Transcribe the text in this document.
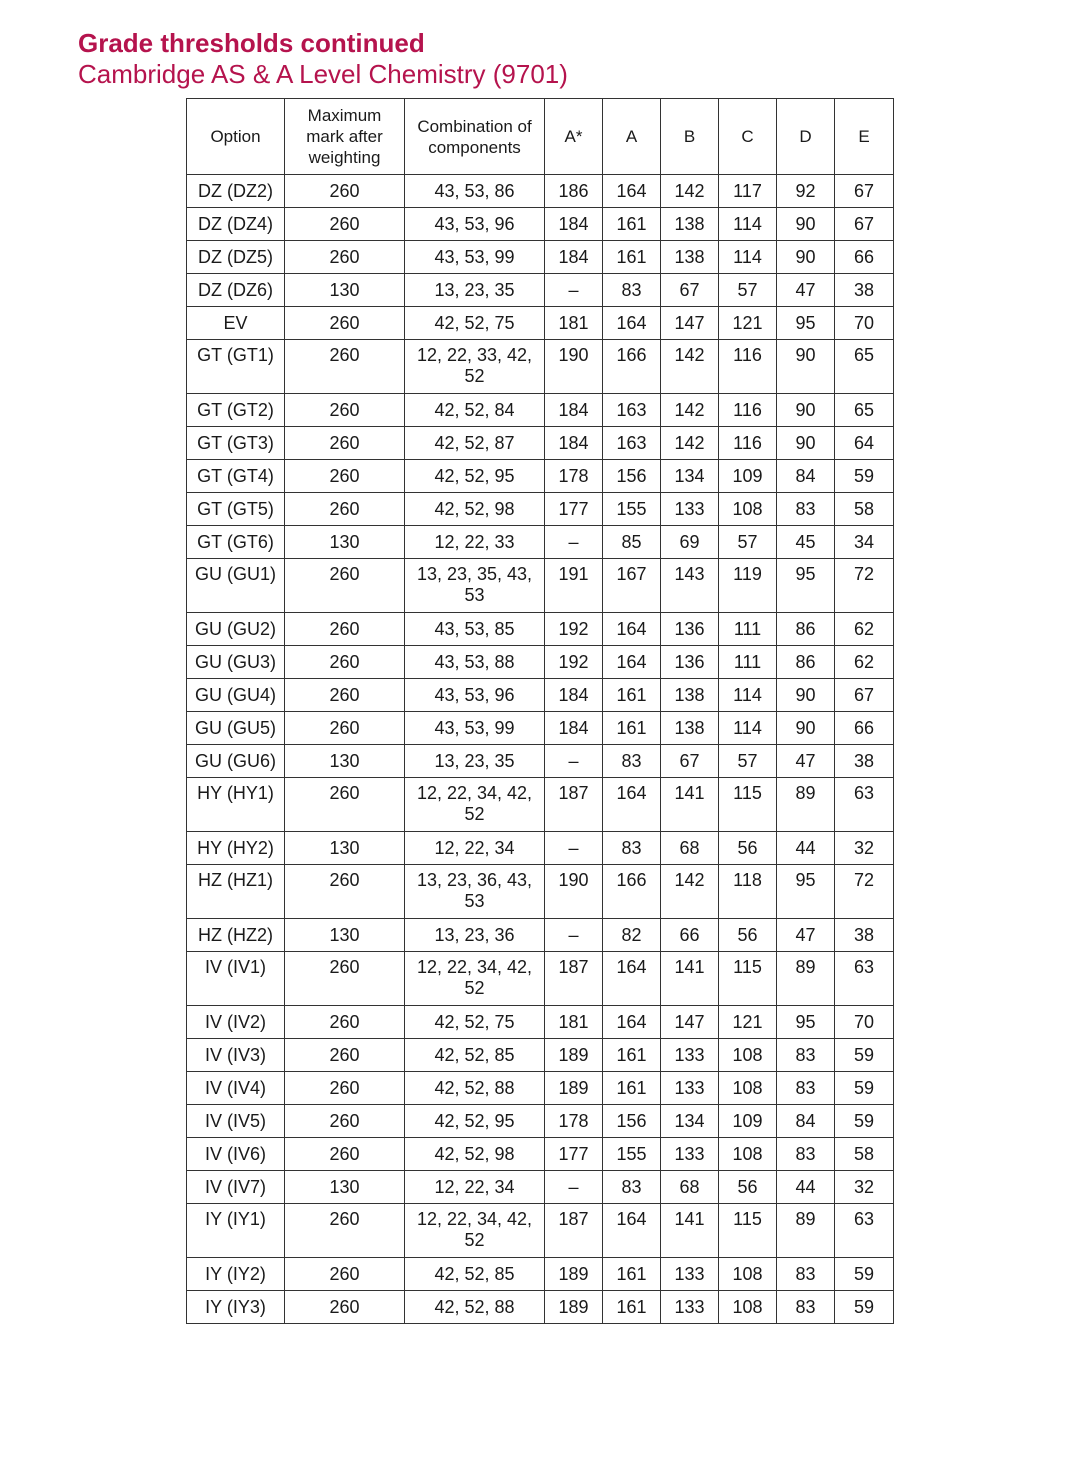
Grade thresholds continued
Cambridge AS & A Level Chemistry (9701)
Option	Maximum mark after weighting	Combination of components	A*	A	B	C	D	E
DZ (DZ2)	260	43, 53, 86	186	164	142	117	92	67
DZ (DZ4)	260	43, 53, 96	184	161	138	114	90	67
DZ (DZ5)	260	43, 53, 99	184	161	138	114	90	66
DZ (DZ6)	130	13, 23, 35	–	83	67	57	47	38
EV	260	42, 52, 75	181	164	147	121	95	70
GT (GT1)	260	12, 22, 33, 42, 52	190	166	142	116	90	65
GT (GT2)	260	42, 52, 84	184	163	142	116	90	65
GT (GT3)	260	42, 52, 87	184	163	142	116	90	64
GT (GT4)	260	42, 52, 95	178	156	134	109	84	59
GT (GT5)	260	42, 52, 98	177	155	133	108	83	58
GT (GT6)	130	12, 22, 33	–	85	69	57	45	34
GU (GU1)	260	13, 23, 35, 43, 53	191	167	143	119	95	72
GU (GU2)	260	43, 53, 85	192	164	136	111	86	62
GU (GU3)	260	43, 53, 88	192	164	136	111	86	62
GU (GU4)	260	43, 53, 96	184	161	138	114	90	67
GU (GU5)	260	43, 53, 99	184	161	138	114	90	66
GU (GU6)	130	13, 23, 35	–	83	67	57	47	38
HY (HY1)	260	12, 22, 34, 42, 52	187	164	141	115	89	63
HY (HY2)	130	12, 22, 34	–	83	68	56	44	32
HZ (HZ1)	260	13, 23, 36, 43, 53	190	166	142	118	95	72
HZ (HZ2)	130	13, 23, 36	–	82	66	56	47	38
IV (IV1)	260	12, 22, 34, 42, 52	187	164	141	115	89	63
IV (IV2)	260	42, 52, 75	181	164	147	121	95	70
IV (IV3)	260	42, 52, 85	189	161	133	108	83	59
IV (IV4)	260	42, 52, 88	189	161	133	108	83	59
IV (IV5)	260	42, 52, 95	178	156	134	109	84	59
IV (IV6)	260	42, 52, 98	177	155	133	108	83	58
IV (IV7)	130	12, 22, 34	–	83	68	56	44	32
IY (IY1)	260	12, 22, 34, 42, 52	187	164	141	115	89	63
IY (IY2)	260	42, 52, 85	189	161	133	108	83	59
IY (IY3)	260	42, 52, 88	189	161	133	108	83	59
